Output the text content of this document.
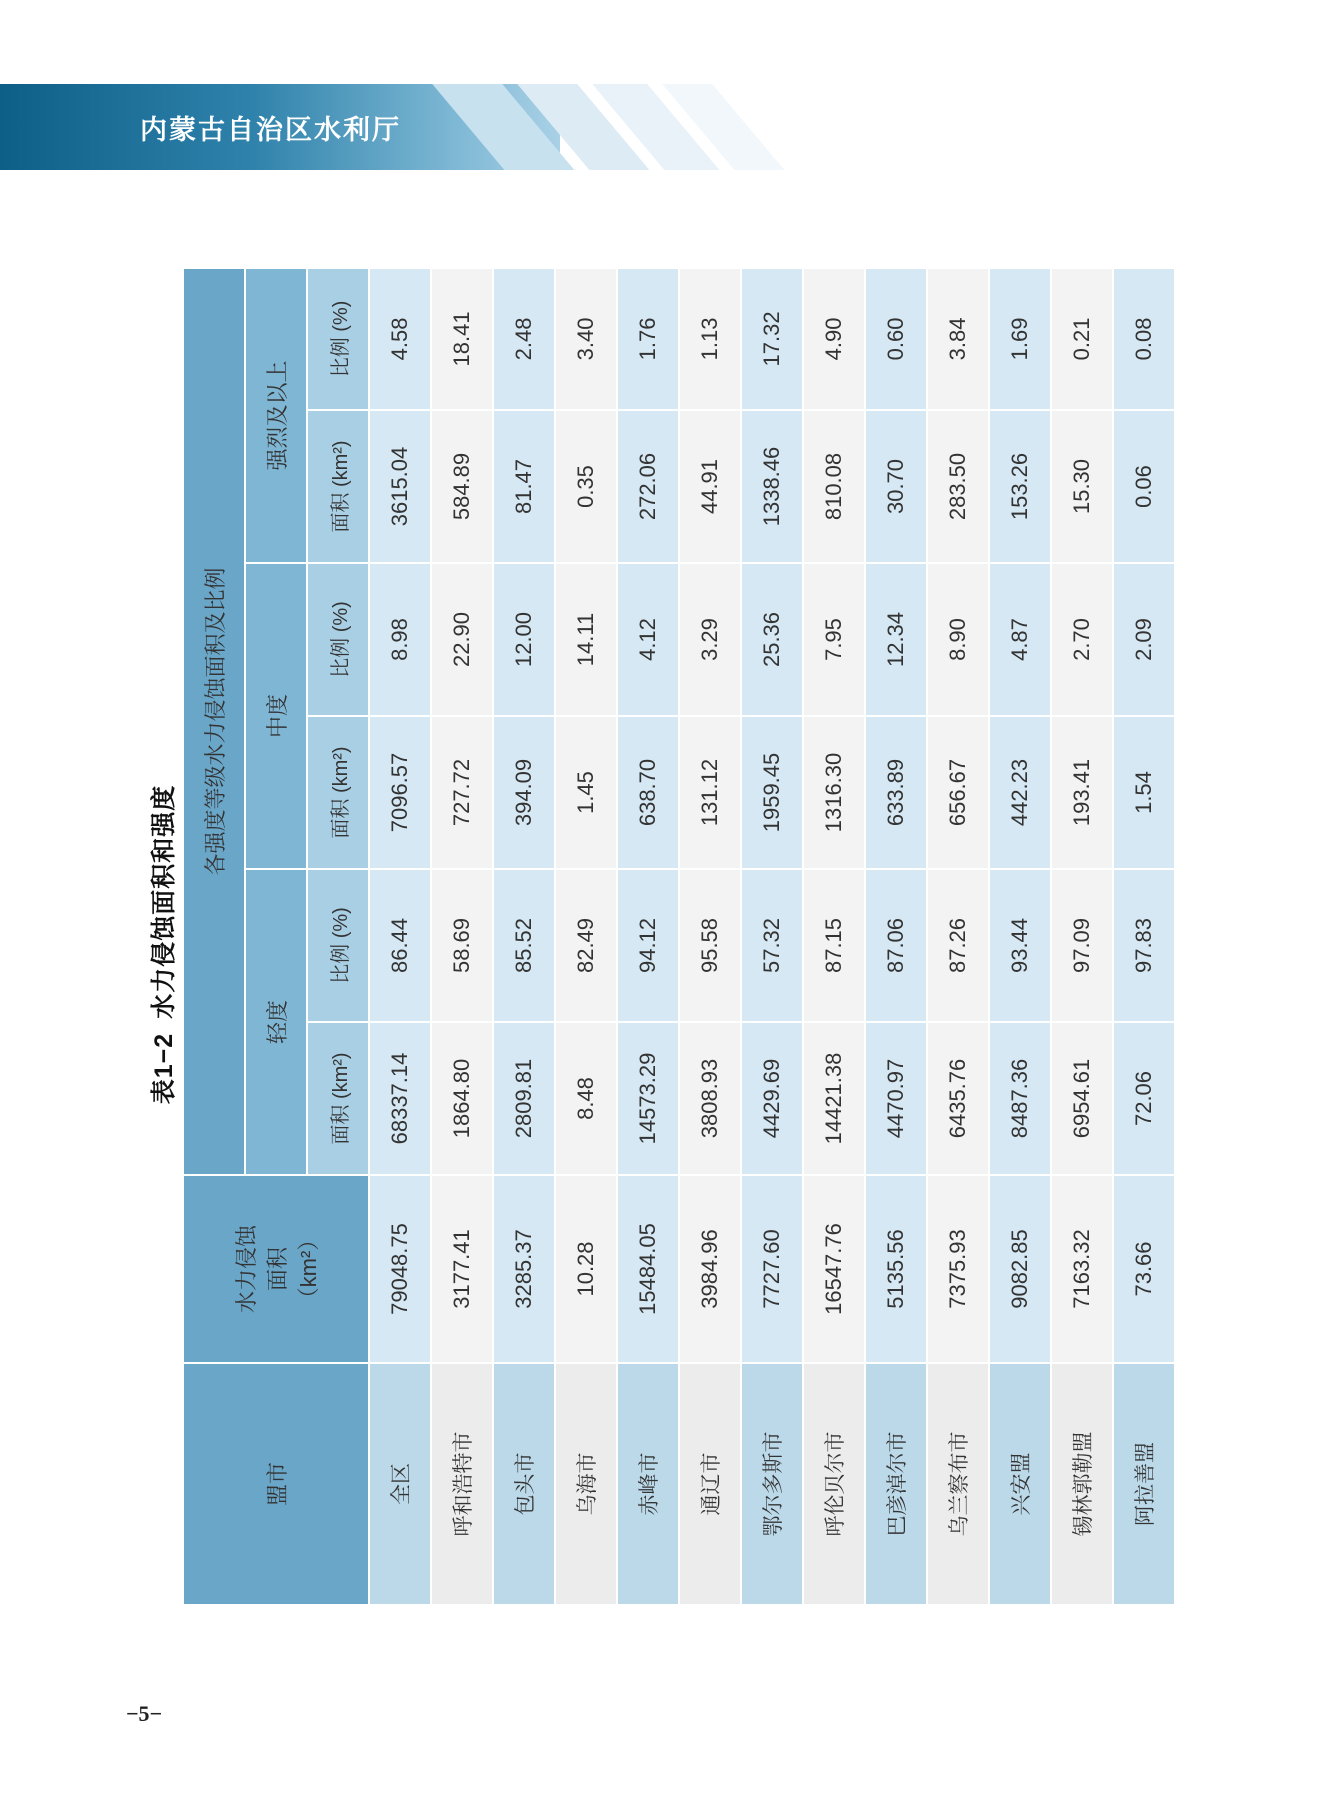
内蒙古自治区水利厅
表1−2水力侵蚀面积和强度
盟市	水力侵蚀 面积 （km²）	各强度等级水力侵蚀面积及比例					
		轻度		中度		强烈及以上	
		面积 (km²)	比例 (%)	面积 (km²)	比例 (%)	面积 (km²)	比例 (%)
全区	79048.75	68337.14	86.44	7096.57	8.98	3615.04	4.58
呼和浩特市	3177.41	1864.80	58.69	727.72	22.90	584.89	18.41
包头市	3285.37	2809.81	85.52	394.09	12.00	81.47	2.48
乌海市	10.28	8.48	82.49	1.45	14.11	0.35	3.40
赤峰市	15484.05	14573.29	94.12	638.70	4.12	272.06	1.76
通辽市	3984.96	3808.93	95.58	131.12	3.29	44.91	1.13
鄂尔多斯市	7727.60	4429.69	57.32	1959.45	25.36	1338.46	17.32
呼伦贝尔市	16547.76	14421.38	87.15	1316.30	7.95	810.08	4.90
巴彦淖尔市	5135.56	4470.97	87.06	633.89	12.34	30.70	0.60
乌兰察布市	7375.93	6435.76	87.26	656.67	8.90	283.50	3.84
兴安盟	9082.85	8487.36	93.44	442.23	4.87	153.26	1.69
锡林郭勒盟	7163.32	6954.61	97.09	193.41	2.70	15.30	0.21
阿拉善盟	73.66	72.06	97.83	1.54	2.09	0.06	0.08
−5−
